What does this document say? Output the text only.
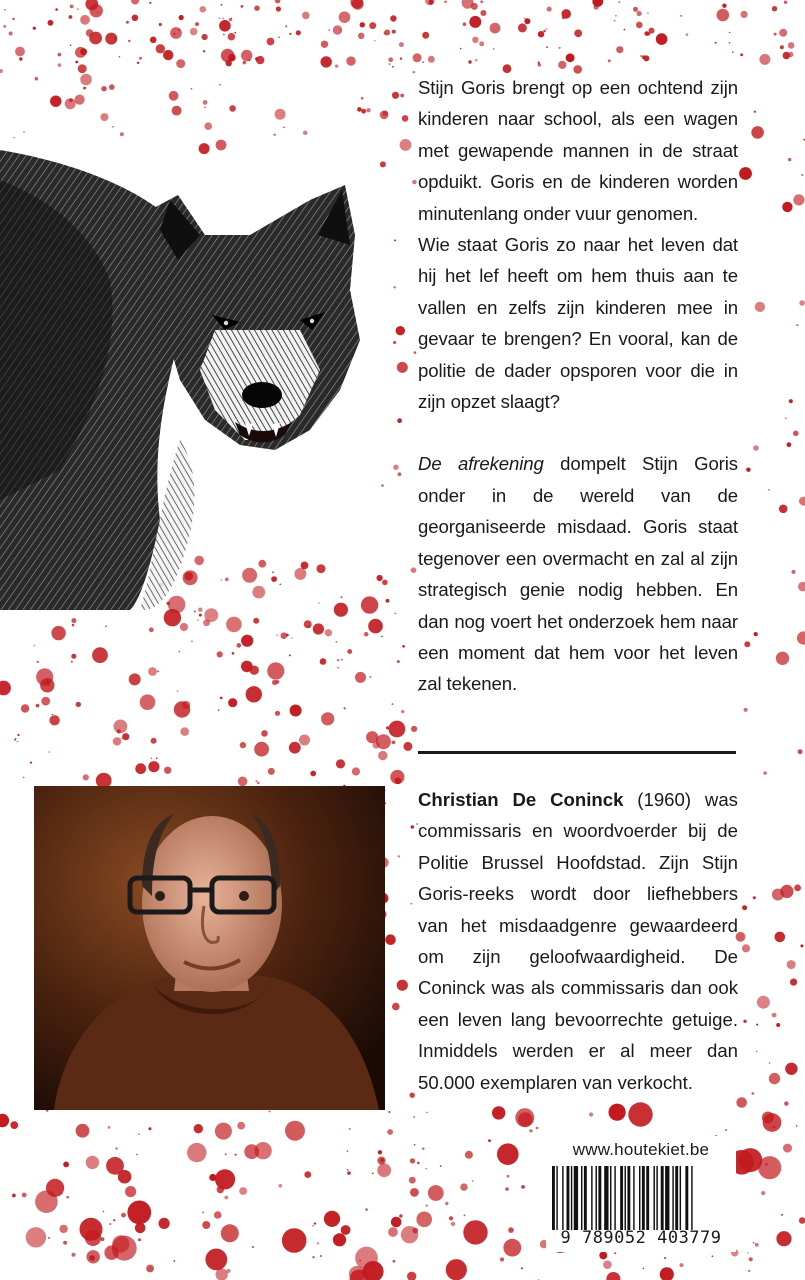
Stijn Goris brengt op een ochtend zijn kinderen naar school, als een wagen met gewapende mannen in de straat opduikt. Goris en de kinderen worden minutenlang onder vuur genomen.

Wie staat Goris zo naar het leven dat hij het lef heeft om hem thuis aan te vallen en zelfs zijn kinderen mee in gevaar te brengen? En vooral, kan de politie de dader opsporen voor die in zijn opzet slaagt?

De afrekening dompelt Stijn Goris onder in de wereld van de georganiseerde misdaad. Goris staat tegenover een overmacht en zal al zijn strategisch genie nodig hebben. En dan nog voert het onderzoek hem naar een moment dat hem voor het leven zal tekenen.

Christian De Coninck (1960) was commissaris en woordvoerder bij de Politie Brussel Hoofdstad. Zijn Stijn Goris-reeks wordt door liefhebbers van het misdaadgenre gewaardeerd om zijn geloofwaardigheid. De Coninck was als commissaris dan ook een leven lang bevoorrechte getuige. Inmiddels werden er al meer dan 50.000 exemplaren van verkocht.
www.houtekiet.be
9 789052 403779
